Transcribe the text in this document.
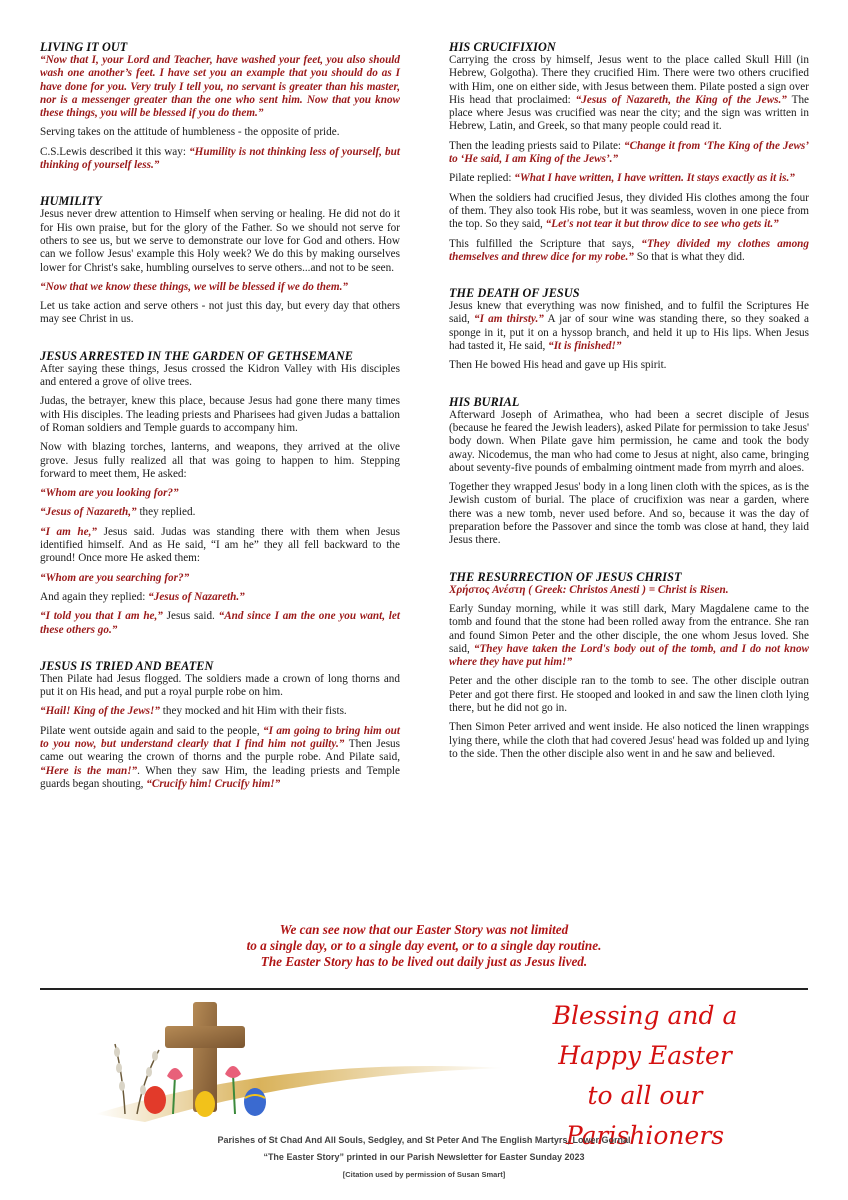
LIVING IT OUT

“Now that I, your Lord and Teacher, have washed your feet, you also should wash one another’s feet. I have set you an example that you should do as I have done for you. Very truly I tell you, no servant is greater than his master, nor is a messenger greater than the one who sent him. Now that you know these things, you will be blessed if you do them.”

Serving takes on the attitude of humbleness - the opposite of pride.

C.S.Lewis described it this way: “Humility is not thinking less of yourself, but thinking of yourself less.”

HUMILITY

Jesus never drew attention to Himself when serving or healing. He did not do it for His own praise, but for the glory of the Father. So we should not serve for others to see us, but we serve to demonstrate our love for God and others. How can we follow Jesus' example this Holy week? We do this by making ourselves lower for Christ's sake, humbling ourselves to serve others...and not to be seen.

“Now that we know these things, we will be blessed if we do them.”

Let us take action and serve others - not just this day, but every day that others may see Christ in us.

JESUS ARRESTED IN THE GARDEN OF GETHSEMANE

After saying these things, Jesus crossed the Kidron Valley with His disciples and entered a grove of olive trees.

Judas, the betrayer, knew this place, because Jesus had gone there many times with His disciples. The leading priests and Pharisees had given Judas a battalion of Roman soldiers and Temple guards to accompany him.

Now with blazing torches, lanterns, and weapons, they arrived at the olive grove. Jesus fully realized all that was going to happen to him. Stepping forward to meet them, He asked:

“Whom are you looking for?”

“Jesus of Nazareth,” they replied.

“I am he,” Jesus said. Judas was standing there with them when Jesus identified himself. And as He said, “I am he” they all fell backward to the ground! Once more He asked them:

“Whom are you searching for?”

And again they replied: “Jesus of Nazareth.”

“I told you that I am he,” Jesus said. “And since I am the one you want, let these others go.”

JESUS IS TRIED AND BEATEN

Then Pilate had Jesus flogged. The soldiers made a crown of long thorns and put it on His head, and put a royal purple robe on him.

“Hail! King of the Jews!” they mocked and hit Him with their fists.

Pilate went outside again and said to the people, “I am going to bring him out to you now, but understand clearly that I find him not guilty.” Then Jesus came out wearing the crown of thorns and the purple robe. And Pilate said, “Here is the man!”. When they saw Him, the leading priests and Temple guards began shouting, “Crucify him! Crucify him!”

HIS CRUCIFIXION

Carrying the cross by himself, Jesus went to the place called Skull Hill (in Hebrew, Golgotha). There they crucified Him. There were two others crucified with Him, one on either side, with Jesus between them. Pilate posted a sign over His head that proclaimed: “Jesus of Nazareth, the King of the Jews.” The place where Jesus was crucified was near the city; and the sign was written in Hebrew, Latin, and Greek, so that many people could read it.

Then the leading priests said to Pilate: “Change it from ‘The King of the Jews’ to ‘He said, I am King of the Jews’.”

Pilate replied: “What I have written, I have written. It stays exactly as it is.”

When the soldiers had crucified Jesus, they divided His clothes among the four of them. They also took His robe, but it was seamless, woven in one piece from the top. So they said, “Let's not tear it but throw dice to see who gets it.”

This fulfilled the Scripture that says, “They divided my clothes among themselves and threw dice for my robe.” So that is what they did.

THE DEATH OF JESUS

Jesus knew that everything was now finished, and to fulfil the Scriptures He said, “I am thirsty.” A jar of sour wine was standing there, so they soaked a sponge in it, put it on a hyssop branch, and held it up to His lips. When Jesus had tasted it, He said, “It is finished!”

Then He bowed His head and gave up His spirit.

HIS BURIAL

Afterward Joseph of Arimathea, who had been a secret disciple of Jesus (because he feared the Jewish leaders), asked Pilate for permission to take Jesus' body down. When Pilate gave him permission, he came and took the body away. Nicodemus, the man who had come to Jesus at night, also came, bringing about seventy-five pounds of embalming ointment made from myrrh and aloes.

Together they wrapped Jesus' body in a long linen cloth with the spices, as is the Jewish custom of burial. The place of crucifixion was near a garden, where there was a new tomb, never used before. And so, because it was the day of preparation before the Passover and since the tomb was close at hand, they laid Jesus there.

THE RESURRECTION OF JESUS CHRIST

Χρήστος Ανέστη ( Greek: Christos Anesti ) = Christ is Risen.

Early Sunday morning, while it was still dark, Mary Magdalene came to the tomb and found that the stone had been rolled away from the entrance. She ran and found Simon Peter and the other disciple, the one whom Jesus loved. She said, “They have taken the Lord's body out of the tomb, and I do not know where they have put him!”

Peter and the other disciple ran to the tomb to see. The other disciple outran Peter and got there first. He stooped and looked in and saw the linen cloth lying there, but he did not go in.

Then Simon Peter arrived and went inside. He also noticed the linen wrappings lying there, while the cloth that had covered Jesus' head was folded up and lying to the side. Then the other disciple also went in and he saw and believed.

We can see now that our Easter Story was not limited
to a single day, or to a single day event, or to a single day routine.
The Easter Story has to be lived out daily just as Jesus lived.
Blessing and a
Happy Easter
to all our Parishioners
Parishes of St Chad And All Souls, Sedgley, and St Peter And The English Martyrs, Lower Gornal
“The Easter Story” printed in our Parish Newsletter for Easter Sunday 2023
[Citation used by permission of Susan Smart]
